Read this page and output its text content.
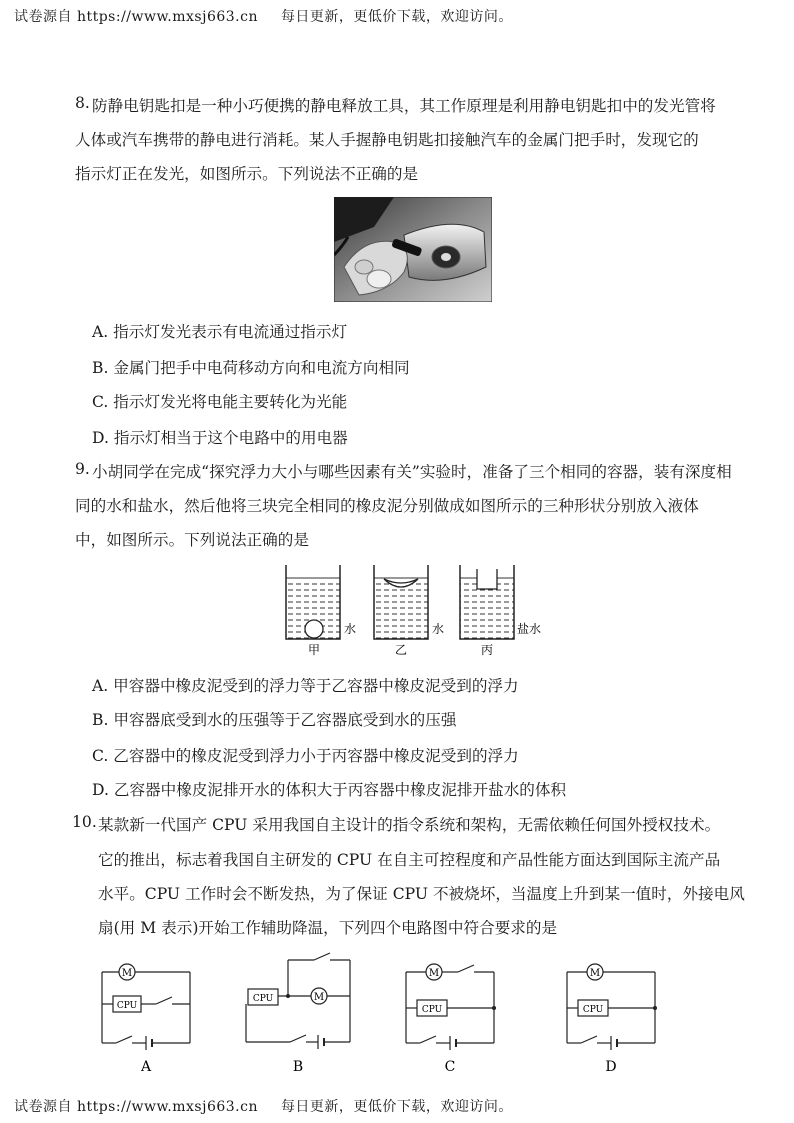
试卷源自 https://www.mxsj663.cn 每日更新，更低价下载，欢迎访问。
8. 防静电钥匙扣是一种小巧便携的静电释放工具，其工作原理是利用静电钥匙扣中的发光管将
人体或汽车携带的静电进行消耗。某人手握静电钥匙扣接触汽车的金属门把手时，发现它的
指示灯正在发光，如图所示。下列说法不正确的是
A. 指示灯发光表示有电流通过指示灯
B. 金属门把手中电荷移动方向和电流方向相同
C. 指示灯发光将电能主要转化为光能
D. 指示灯相当于这个电路中的用电器
9. 小胡同学在完成“探究浮力大小与哪些因素有关”实验时，准备了三个相同的容器，装有深度相
同的水和盐水，然后他将三块完全相同的橡皮泥分别做成如图所示的三种形状分别放入液体
中，如图所示。下列说法正确的是
水
甲
水
乙
盐水
丙
A. 甲容器中橡皮泥受到的浮力等于乙容器中橡皮泥受到的浮力
B. 甲容器底受到水的压强等于乙容器底受到水的压强
C. 乙容器中的橡皮泥受到浮力小于丙容器中橡皮泥受到的浮力
D. 乙容器中橡皮泥排开水的体积大于丙容器中橡皮泥排开盐水的体积
10. 某款新一代国产 CPU 采用我国自主设计的指令系统和架构，无需依赖任何国外授权技术。
它的推出，标志着我国自主研发的 CPU 在自主可控程度和产品性能方面达到国际主流产品
水平。CPU 工作时会不断发热，为了保证 CPU 不被烧坏，当温度上升到某一值时，外接电风
扇(用 M 表示)开始工作辅助降温，下列四个电路图中符合要求的是
M
CPU
A
CPU	M
B
M
CPU
C
M
CPU
D
试卷源自 https://www.mxsj663.cn 每日更新，更低价下载，欢迎访问。
